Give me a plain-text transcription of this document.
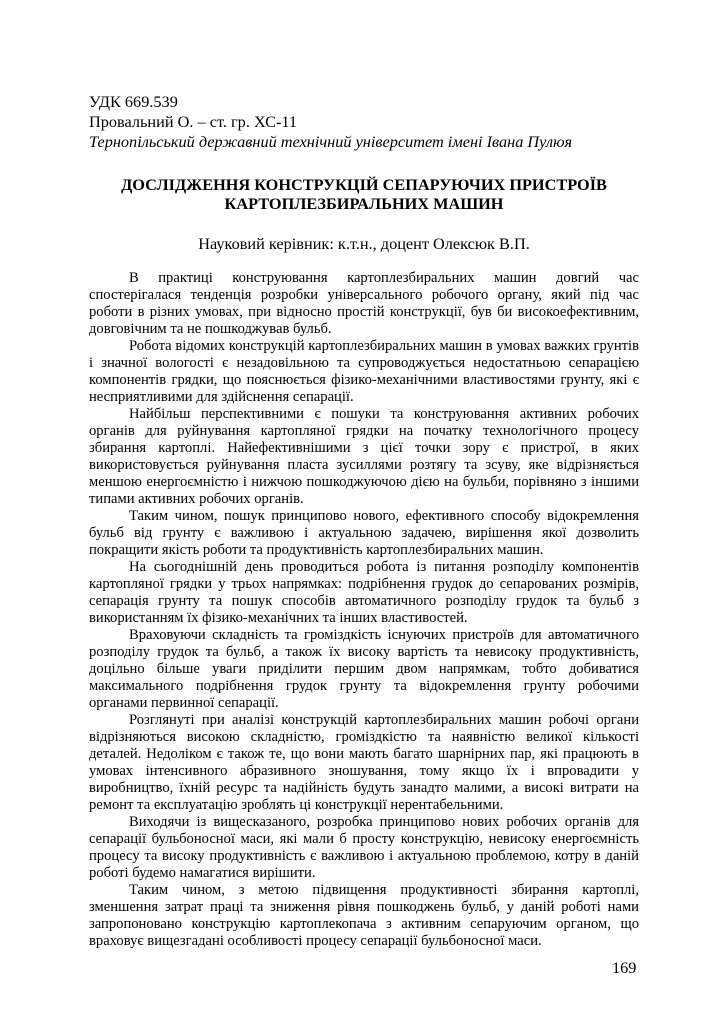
УДК 669.539

Провальний О. – ст. гр. ХС-11

Тернопільський державний технічний університет імені Івана Пулюя

ДОСЛІДЖЕННЯ КОНСТРУКЦІЙ СЕПАРУЮЧИХ ПРИСТРОЇВ
КАРТОПЛЕЗБИРАЛЬНИХ МАШИН

Науковий керівник: к.т.н., доцент Олексюк В.П.

В практиці конструювання картоплезбиральних машин довгий час спостерігалася тенденція розробки універсального робочого органу, який під час роботи в різних умовах, при відносно простій конструкції, був би високоефективним, довговічним та не пошкоджував бульб.

Робота відомих конструкцій картоплезбиральних машин в умовах важких грунтів і значної вологості є незадовільною та супроводжується недостатньою сепарацією компонентів грядки, що пояснюється фізико-механічними властивостями грунту, які є несприятливими для здійснення сепарації.

Найбільш перспективними є пошуки та конструювання активних робочих органів для руйнування картопляної грядки на початку технологічного процесу збирання картоплі. Найефективнішими з цієї точки зору є пристрої, в яких використовується руйнування пласта зусиллями розтягу та зсуву, яке відрізняється меншою енергоємністю і нижчою пошкоджуючою дією на бульби, порівняно з іншими типами активних робочих органів.

Таким чином, пошук принципово нового, ефективного способу відокремлення бульб від грунту є важливою і актуальною задачею, вирішення якої дозволить покращити якість роботи та продуктивність картоплезбиральних машин.

На сьогоднішній день проводиться робота із питання розподілу компонентів картопляної грядки у трьох напрямках: подрібнення грудок до сепарованих розмірів, сепарація грунту та пошук способів автоматичного розподілу грудок та бульб з використанням їх фізико-механічних та інших властивостей.

Враховуючи складність та громіздкість існуючих пристроїв для автоматичного розподілу грудок та бульб, а також їх високу вартість та невисоку продуктивність, доцільно більше уваги приділити першим двом напрямкам, тобто добиватися максимального подрібнення грудок грунту та відокремлення грунту робочими органами первинної сепарації.

Розглянуті при аналізі конструкцій картоплезбиральних машин робочі органи відрізняються високою складністю, громіздкістю та наявністю великої кількості деталей. Недоліком є також те, що вони мають багато шарнірних пар, які працюють в умовах інтенсивного абразивного зношування, тому якщо їх і впровадити у виробництво, їхній ресурс та надійність будуть занадто малими, а високі витрати на ремонт та експлуатацію зроблять ці конструкції нерентабельними.

Виходячи із вищесказаного, розробка принципово нових робочих органів для сепарації бульбоносної маси, які мали б просту конструкцію, невисоку енергоємність процесу та високу продуктивність є важливою і актуальною проблемою, котру в даній роботі будемо намагатися вирішити.

Таким чином, з метою підвищення продуктивності збирання картоплі, зменшення затрат праці та зниження рівня пошкоджень бульб, у даній роботі нами запропоновано конструкцію картоплекопача з активним сепаруючим органом, що враховує вищезгадані особливості процесу сепарації бульбоносної маси.

169
